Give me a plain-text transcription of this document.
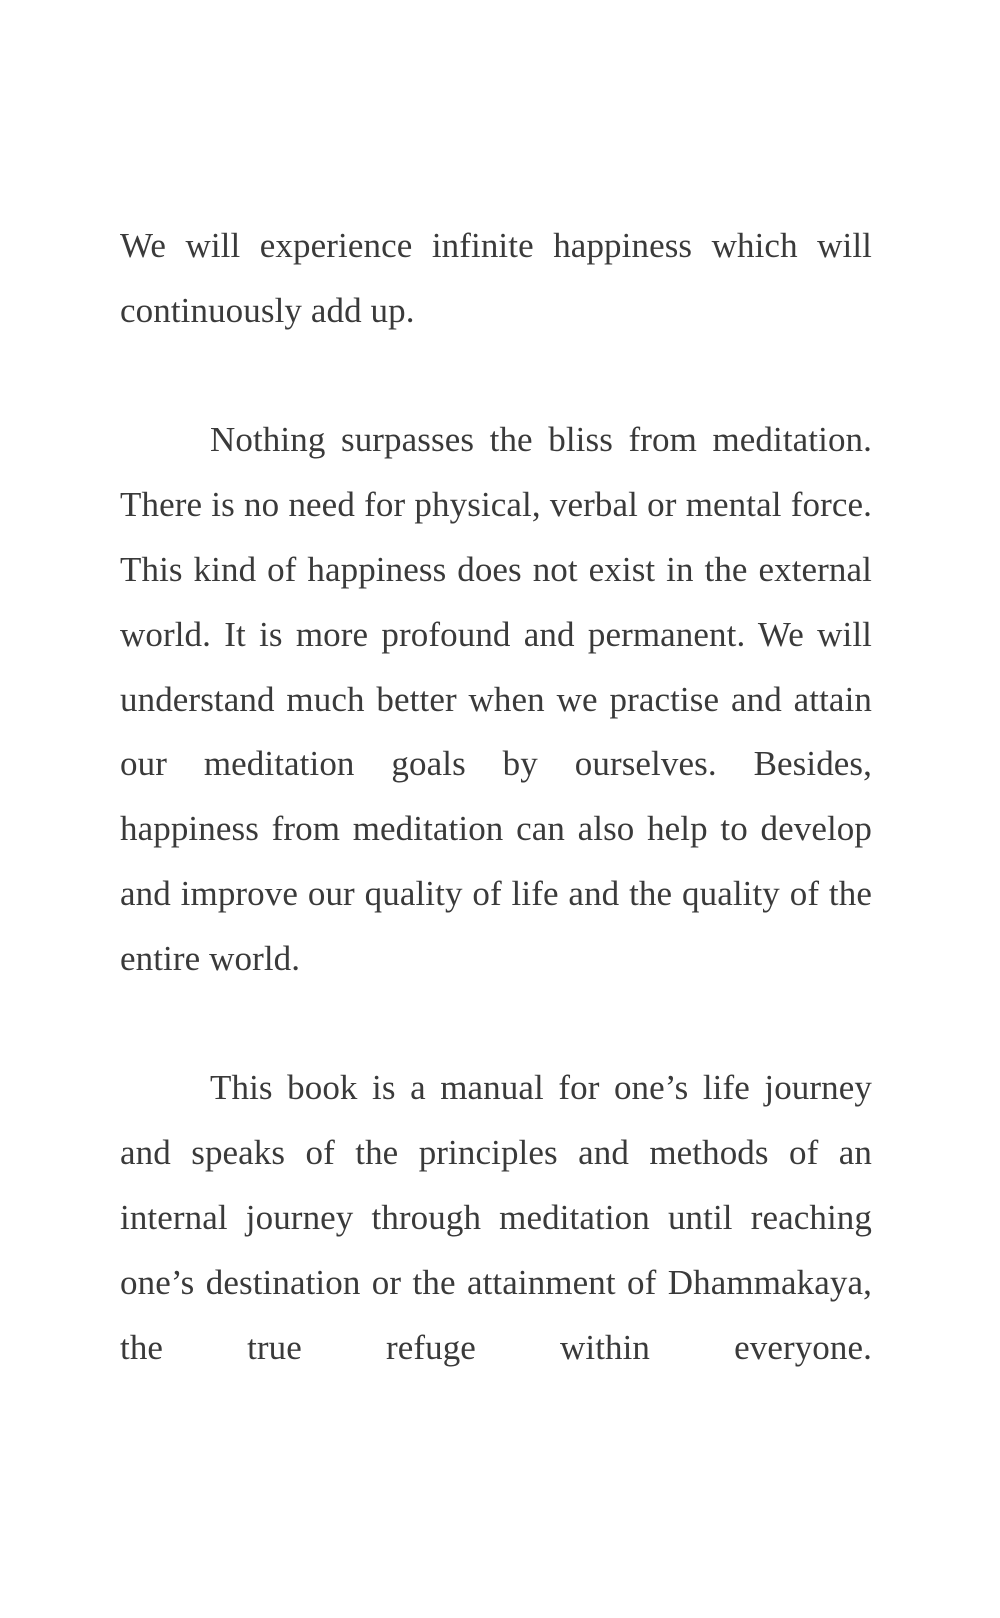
We will experience infinite happiness which will continuously add up.

Nothing surpasses the bliss from meditation. There is no need for physical, verbal or mental force. This kind of happiness does not exist in the external world. It is more profound and permanent. We will understand much better when we practise and attain our meditation goals by ourselves. Besides, happiness from meditation can also help to develop and improve our quality of life and the quality of the entire world.

This book is a manual for one’s life journey and speaks of the principles and methods of an internal journey through meditation until reaching one’s destination or the attainment of Dhammakaya, the true refuge within everyone.
